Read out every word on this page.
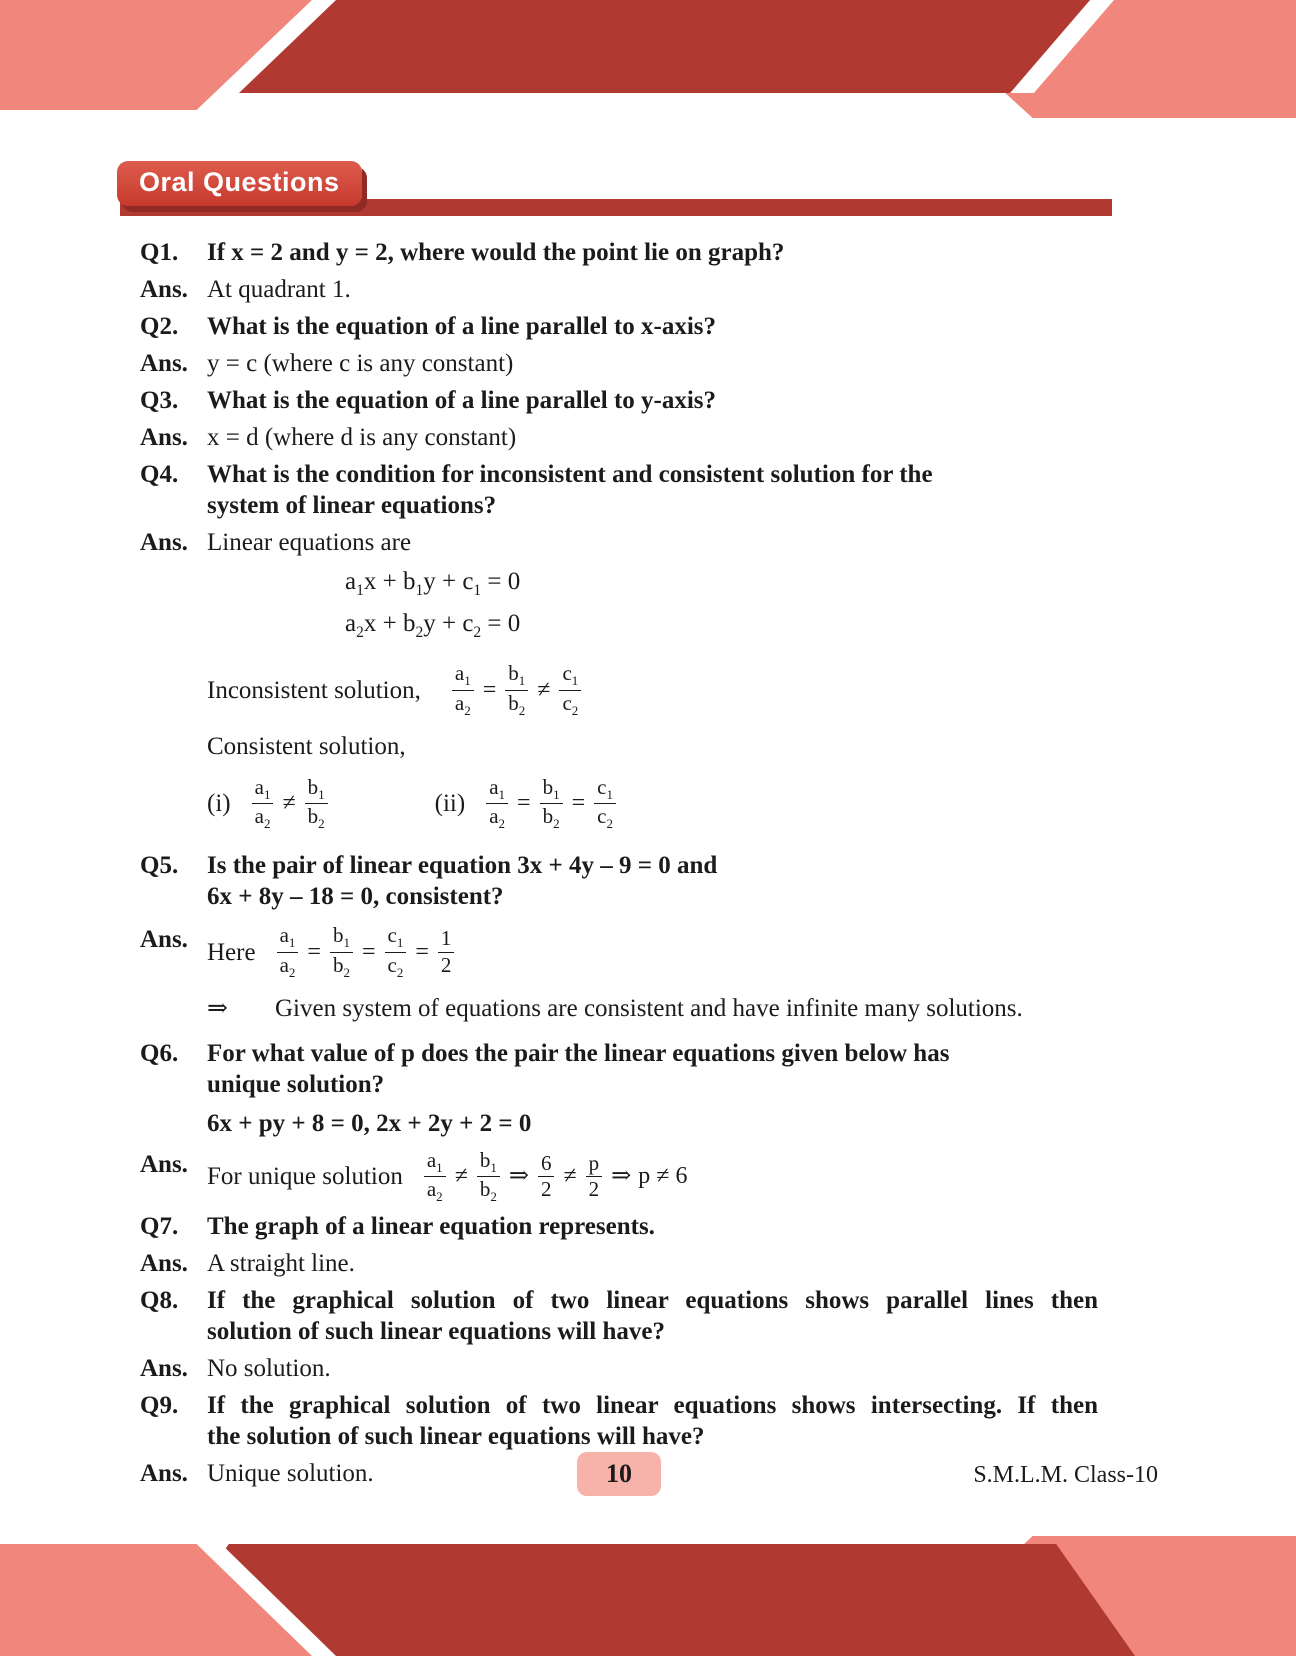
Oral Questions
Q1.	If x = 2 and y = 2, where would the point lie on graph?
Ans. At quadrant 1.
Q2.	What is the equation of a line parallel to x-axis?
Ans. y = c (where c is any constant)
Q3.	What is the equation of a line parallel to y-axis?
Ans. x = d (where d is any constant)
Q4.	What is the condition for inconsistent and consistent solution for the
system of linear equations?
Ans. Linear equations are
$a_1x + b_1y + c_1 = 0$
$a_2x + b_2y + c_2 = 0$
Inconsistent solution, $\frac{a_1}{a_2} = \frac{b_1}{b_2} \ne \frac{c_1}{c_2}$
Consistent solution,
$(i) \frac{a_1}{a_2} \ne \frac{b_1}{b_2}$	$(ii) \frac{a_1}{a_2} = \frac{b_1}{b_2} = \frac{c_1}{c_2}$
Q5.	Is the pair of linear equation 3x + 4y – 9 = 0 and
6x + 8y – 18 = 0, consistent?
Ans. Here $\frac{a_1}{a_2} = \frac{b_1}{b_2} = \frac{c_1}{c_2} = \frac{1}{2}$
⇒	Given system of equations are consistent and have infinite many solutions.
Q6.	For what value of p does the pair the linear equations given below has
unique solution?
6x + py + 8 = 0, 2x + 2y + 2 = 0
Ans. For unique solution $\frac{a_1}{a_2} \ne \frac{b_1}{b_2}$ ⇒ $\frac{6}{2} \ne \frac{p}{2}$ ⇒ p ≠ 6
Q7.	The graph of a linear equation represents.
Ans. A straight line.
Q8.	If the graphical solution of two linear equations shows parallel lines then
solution of such linear equations will have?
Ans. No solution.
Q9.	If the graphical solution of two linear equations shows intersecting. If then
the solution of such linear equations will have?
Ans. Unique solution.	10	S.M.L.M. Class-10
